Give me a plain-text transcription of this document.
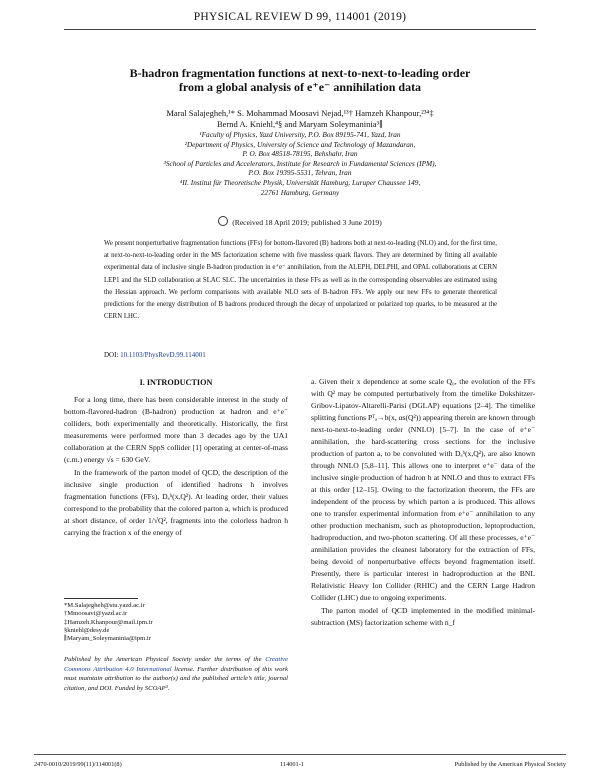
PHYSICAL REVIEW D 99, 114001 (2019)
B-hadron fragmentation functions at next-to-next-to-leading order
from a global analysis of e⁺e⁻ annihilation data
Maral Salajegheh,¹* S. Mohammad Moosavi Nejad,¹³† Hamzeh Khanpour,²³⁴‡
Bernd A. Kniehl,⁴§ and Maryam Soleymaninia³∥
¹Faculty of Physics, Yazd University, P.O. Box 89195-741, Yazd, Iran
²Department of Physics, University of Science and Technology of Mazandaran,
P. O. Box 48518-78195, Behshahr, Iran
³School of Particles and Accelerators, Institute for Research in Fundamental Sciences (IPM),
P.O. Box 19395-5531, Tehran, Iran
⁴II. Institut für Theoretische Physik, Universität Hamburg, Luruper Chaussee 149,
22761 Hamburg, Germany
(Received 18 April 2019; published 3 June 2019)
We present nonperturbative fragmentation functions (FFs) for bottom-flavored (B) hadrons both at next-to-leading (NLO) and, for the first time, at next-to-next-to-leading order in the MS factorization scheme with five massless quark flavors. They are determined by fitting all available experimental data of inclusive single B-hadron production in e⁺e⁻ annihilation, from the ALEPH, DELPHI, and OPAL collaborations at CERN LEP1 and the SLD collaboration at SLAC SLC. The uncertainties in these FFs as well as in the corresponding observables are estimated using the Hessian approach. We perform comparisons with available NLO sets of B-hadron FFs. We apply our new FFs to generate theoretical predictions for the energy distribution of B hadrons produced through the decay of unpolarized or polarized top quarks, to be measured at the CERN LHC.
DOI: 10.1103/PhysRevD.99.114001
I. INTRODUCTION

For a long time, there has been considerable interest in the study of bottom-flavored-hadron (B-hadron) production at hadron and e⁺e⁻ colliders, both experimentally and theoretically. Historically, the first measurements were performed more than 3 decades ago by the UA1 collaboration at the CERN SppS collider [1] operating at center-of-mass (c.m.) energy √s = 630 GeV.

In the framework of the parton model of QCD, the description of the inclusive single production of identified hadrons h involves fragmentation functions (FFs), Dₐʰ(x,Q²). At leading order, their values correspond to the probability that the colored parton a, which is produced at short distance, of order 1/√Q², fragments into the colorless hadron h carrying the fraction x of the energy of

*M.Salajegheh@stu.yazd.ac.ir
†Mmoosavi@yazd.ac.ir
‡Hamzeh.Khanpour@mail.ipm.ir
§kniehl@desy.de
∥Maryam_Soleymaninia@ipm.ir
Published by the American Physical Society under the terms of the Creative Commons Attribution 4.0 International license. Further distribution of this work must maintain attribution to the author(s) and the published article’s title, journal citation, and DOI. Funded by SCOAP³.

a. Given their x dependence at some scale Q₀, the evolution of the FFs with Q² may be computed perturbatively from the timelike Dokshitzer-Gribov-Lipatov-Altarelli-Parisi (DGLAP) equations [2–4]. The timelike splitting functions Pᵀₐ→b(x, αs(Q²)) appearing therein are known through next-to-next-to-leading order (NNLO) [5–7]. In the case of e⁺e⁻ annihilation, the hard-scattering cross sections for the inclusive production of parton a, to be convoluted with Dₐʰ(x,Q²), are also known through NNLO [5,8–11]. This allows one to interpret e⁺e⁻ data of the inclusive single production of hadron h at NNLO and thus to extract FFs at this order [12–15]. Owing to the factorization theorem, the FFs are independent of the process by which parton a is produced. This allows one to transfer experimental information from e⁺e⁻ annihilation to any other production mechanism, such as photoproduction, leptoproduction, hadroproduction, and two-photon scattering. Of all these processes, e⁺e⁻ annihilation provides the cleanest laboratory for the extraction of FFs, being devoid of nonperturbative effects beyond fragmentation itself. Presently, there is particular interest in hadroproduction at the BNL Relativistic Heavy Ion Collider (RHIC) and the CERN Large Hadron Collider (LHC) due to ongoing experiments.

The parton model of QCD implemented in the modified minimal-subtraction (MS) factorization scheme with n_f

2470-0010/2019/99(11)/114001(8)	114001-1	Published by the American Physical Society
